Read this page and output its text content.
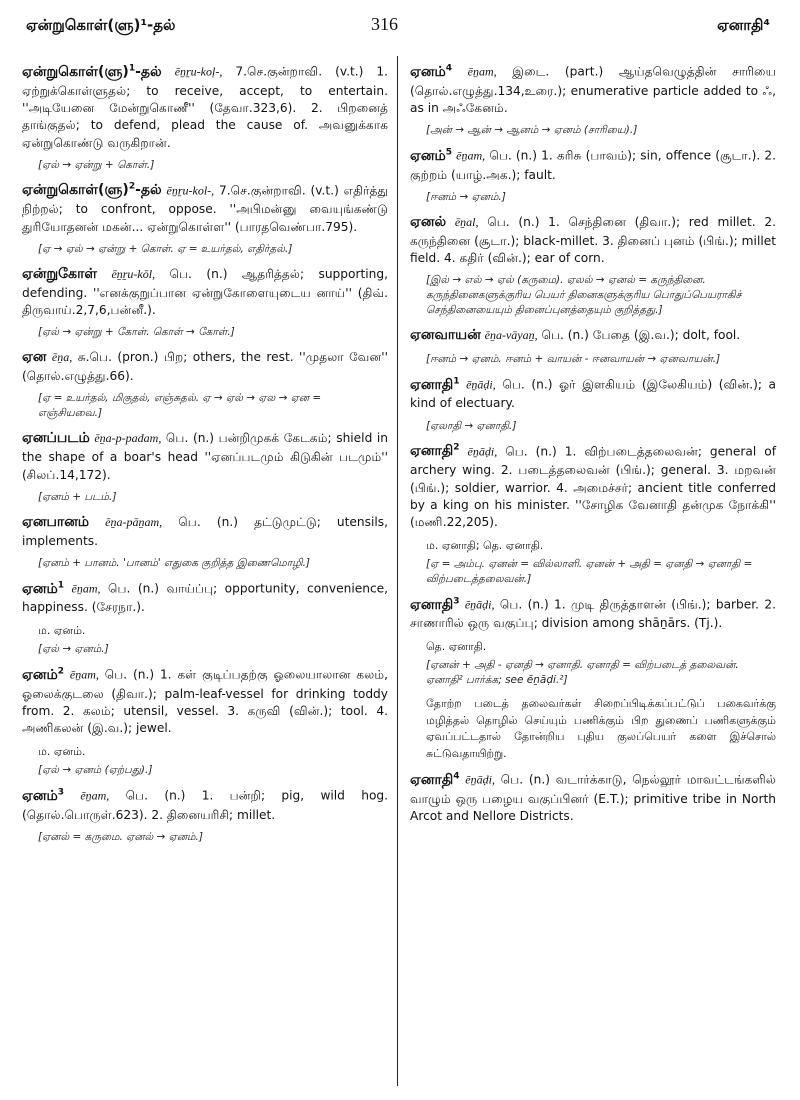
ஏன்றுகொள்(ளு)¹-தல்	316	ஏனாதி⁴
ஏன்றுகொள்(ளு)$^1$-தல் ēṉṟu-koḷ-, 7.செ.குன்றாவி. (v.t.) 1. ஏற்றுக்கொள்ளுதல்; to receive, accept, to entertain. ''அடியேனை மேன்றுகொணீ'' (தேவா.323,6). 2. பிறனைத் தாங்குதல்; to defend, plead the cause of. அவனுக்காக ஏன்றுகொண்டு வருகிறான்.
[ஏல் → ஏன்று + கொள்.]
ஏன்றுகொள்(ளு)$^2$-தல் ēṉṟu-kol-, 7.செ.குன்றாவி. (v.t.) எதிர்த்து நிற்றல்; to confront, oppose. ''அபிமன்னு வையுங்கண்டு துரியோதனன் மகன்... ஏன்றுகொள்ள'' (பாரதவெண்பா.795).
[ஏ → ஏல் → ஏன்று + கொள். ஏ = உயர்தல், எதிர்தல்.]
ஏன்றுகோள் ēṉṟu-kōl, பெ. (n.) ஆதரித்தல்; supporting, defending. ''எனக்குறுப்பான ஏன்றுகோளையுடைய னாய்'' (திவ். திருவாய்.2,7,6,பன்னீ.).
[ஏல் → ஏன்று + கோள். கொள் → கோள்.]
ஏன ēṉa, சு.பெ. (pron.) பிற; others, the rest. ''முதலா வேன'' (தொல்.எழுத்து.66).
[ஏ = உயர்தல், மிகுதல், எஞ்சுதல். ஏ → ஏல் → ஏல → ஏன = எஞ்சியவை.]
ஏனப்படம் ēṉa-p-padam, பெ. (n.) பன்றிமுகக் கேடகம்; shield in the shape of a boar's head ''ஏனப்படமும் கிடுகின் படமும்'' (சிலப்.14,172).
[ஏனம் + படம்.]
ஏனபானம் ēṉa-pāṉam, பெ. (n.) தட்டுமுட்டு; utensils, implements.
[ஏனம் + பானம். 'பானம்' எதுகை குறித்த இணைமொழி.]
ஏனம்$^1$ ēṉam, பெ. (n.) வாய்ப்பு; opportunity, convenience, happiness. (சேரநா.).
ம. ஏனம்.
[ஏல் → ஏனம்.]
ஏனம்$^2$ ēṉam, பெ. (n.) 1. கள் குடிப்பதற்கு ஓலையாலான கலம், ஓலைக்குடலை (திவா.); palm-leaf-vessel for drinking toddy from. 2. கலம்; utensil, vessel. 3. கருவி (வின்.); tool. 4. அணிகலன் (இ.வ.); jewel.
ம. ஏனம்.
[ஏல் → ஏனம் (ஏற்பது).]
ஏனம்$^3$ ēṉam, பெ. (n.) 1. பன்றி; pig, wild hog. (தொல்.பொருள்.623). 2. தினையரிசி; millet.
[ஏனல் = கருமை. ஏனல் → ஏனம்.]
ஏனம்$^4$ ēṉam, இடை. (part.) ஆய்தவெழுத்தின் சாரியை (தொல்.எழுத்து.134,உரை.); enumerative particle added to ஃ, as in அஃகேனம்.
[அன் → ஆன் → ஆனம் → ஏனம் (சாரியை).]
ஏனம்$^5$ ēṉam, பெ. (n.) 1. கரிசு (பாவம்); sin, offence (சூடா.). 2. குற்றம் (யாழ்.அக.); fault.
[ஈனம் → ஏனம்.]
ஏனல் ēṉal, பெ. (n.) 1. செந்தினை (திவா.); red millet. 2. கருந்தினை (சூடா.); black-millet. 3. தினைப் புனம் (பிங்.); millet field. 4. கதிர் (வின்.); ear of corn.
[இல் → எல் → ஏல் (கருமை). ஏலல் → ஏனல் = கருந்தினை. கருந்தினைகளுக்குரிய பெயர் தினைகளுக்குரிய பொதுப்பெயராகிச் செந்தினையையும் தினைப்புனத்தையும் குறித்தது.]
ஏனவாயன் ēṉa-vāyaṉ, பெ. (n.) பேதை (இ.வ.); dolt, fool.
[ஈனம் → ஏனம். ஈனம் + வாயன் - ஈனவாயன் → ஏனவாயன்.]
ஏனாதி$^1$ ēṉāḍi, பெ. (n.) ஓர் இளகியம் (இலேகியம்) (வின்.); a kind of electuary.
[ஏலாதி → ஏனாதி.]
ஏனாதி$^2$ ēṉāḍi, பெ. (n.) 1. விற்படைத்தலைவன்; general of archery wing. 2. படைத்தலைவன் (பிங்.); general. 3. மறவன் (பிங்.); soldier, warrior. 4. அமைச்சர்; ancient title conferred by a king on his minister. ''சோழிக வேனாதி தன்முக நோக்கி'' (மணி.22,205).
ம. ஏனாதி; தெ. ஏனாதி.
[ஏ = அம்பு. ஏனன் = வில்லாளி. ஏனன் + அதி = ஏனதி → ஏனாதி = விற்படைத்தலைவன்.]
ஏனாதி$^3$ ēṉāḍi, பெ. (n.) 1. முடி திருத்தாளன் (பிங்.); barber. 2. சாணாரில் ஒரு வகுப்பு; division among shāṉārs. (Tj.).
தெ. ஏனாதி.
[ஏனன் + அதி - ஏனதி → ஏனாதி. ஏனாதி = விற்படைத் தலைவன். ஏனாதி² பார்க்க; see ēṉāḍi.²]
தோற்ற படைத் தலைவர்கள் சிறைப்பிடிக்கப்பட்டுப் பகைவர்க்கு மழித்தல் தொழில் செய்யும் பணிக்கும் பிற துணைப் பணிகளுக்கும் ஏவப்பட்டதால் தோன்றிய புதிய குலப்பெயர் களை இச்சொல் சுட்டுவதாயிற்று.
ஏனாதி$^4$ ēṉāḍi, பெ. (n.) வடார்க்காடு, நெல்லூர் மாவட்டங்களில் வாழும் ஒரு பழைய வகுப்பினர் (E.T.); primitive tribe in North Arcot and Nellore Districts.
